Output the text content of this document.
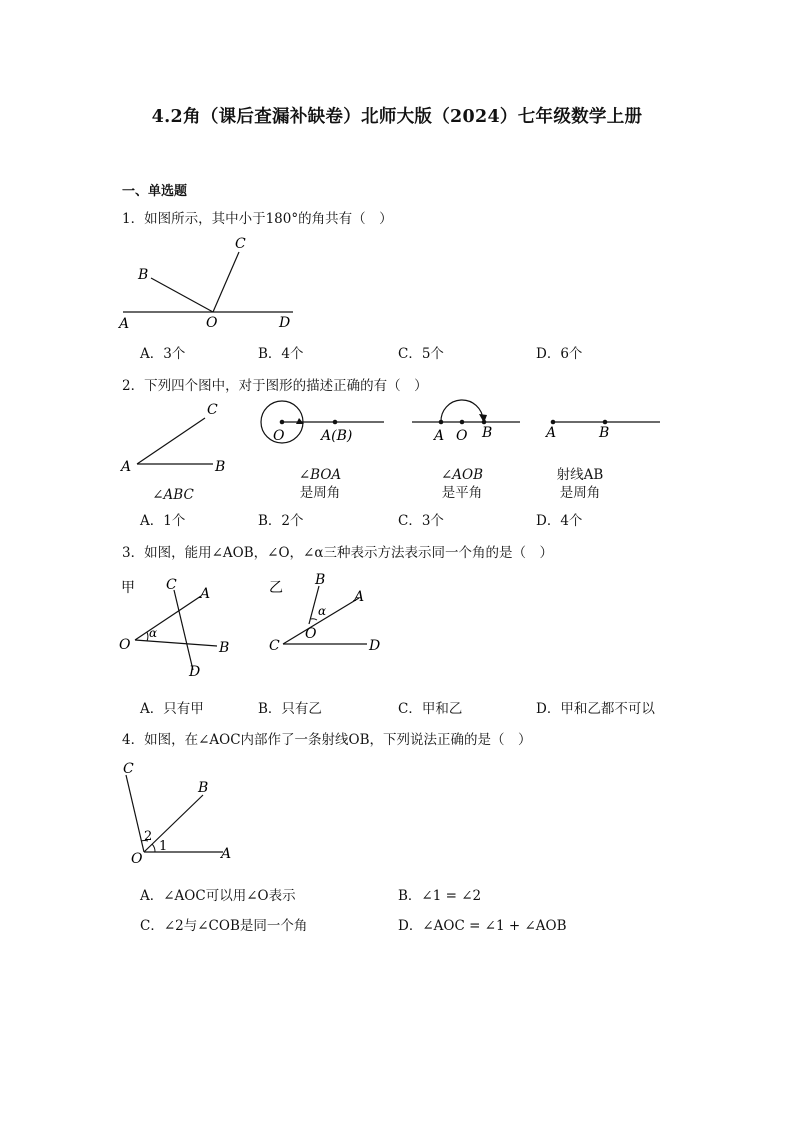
4.2角（课后查漏补缺卷）北师大版（2024）七年级数学上册
一、单选题
1．如图所示，其中小于180°的角共有（　）
A
B
C
D
O
A．3个	B．4个	C．5个	D．6个
2．下列四个图中，对于图形的描述正确的有（　）
C
A	B
∠ABC
O	A(B)
∠BOA
是周角
A O B
∠AOB
是平角
A	B
射线AB
是周角
A．1个	B．2个	C．3个	D．4个
3．如图，能用∠AOB，∠O，∠α三种表示方法表示同一个角的是（　）
甲 C
A
B
D
O
α
乙 B
A
C	D
O
α
A．只有甲	B．只有乙	C．甲和乙	D．甲和乙都不可以
4．如图，在∠AOC内部作了一条射线OB，下列说法正确的是（　）
C
B
A
O
2
1
A．∠AOC可以用∠O表示	B．∠1 = ∠2
C．∠2与∠COB是同一个角	D．∠AOC = ∠1 + ∠AOB
